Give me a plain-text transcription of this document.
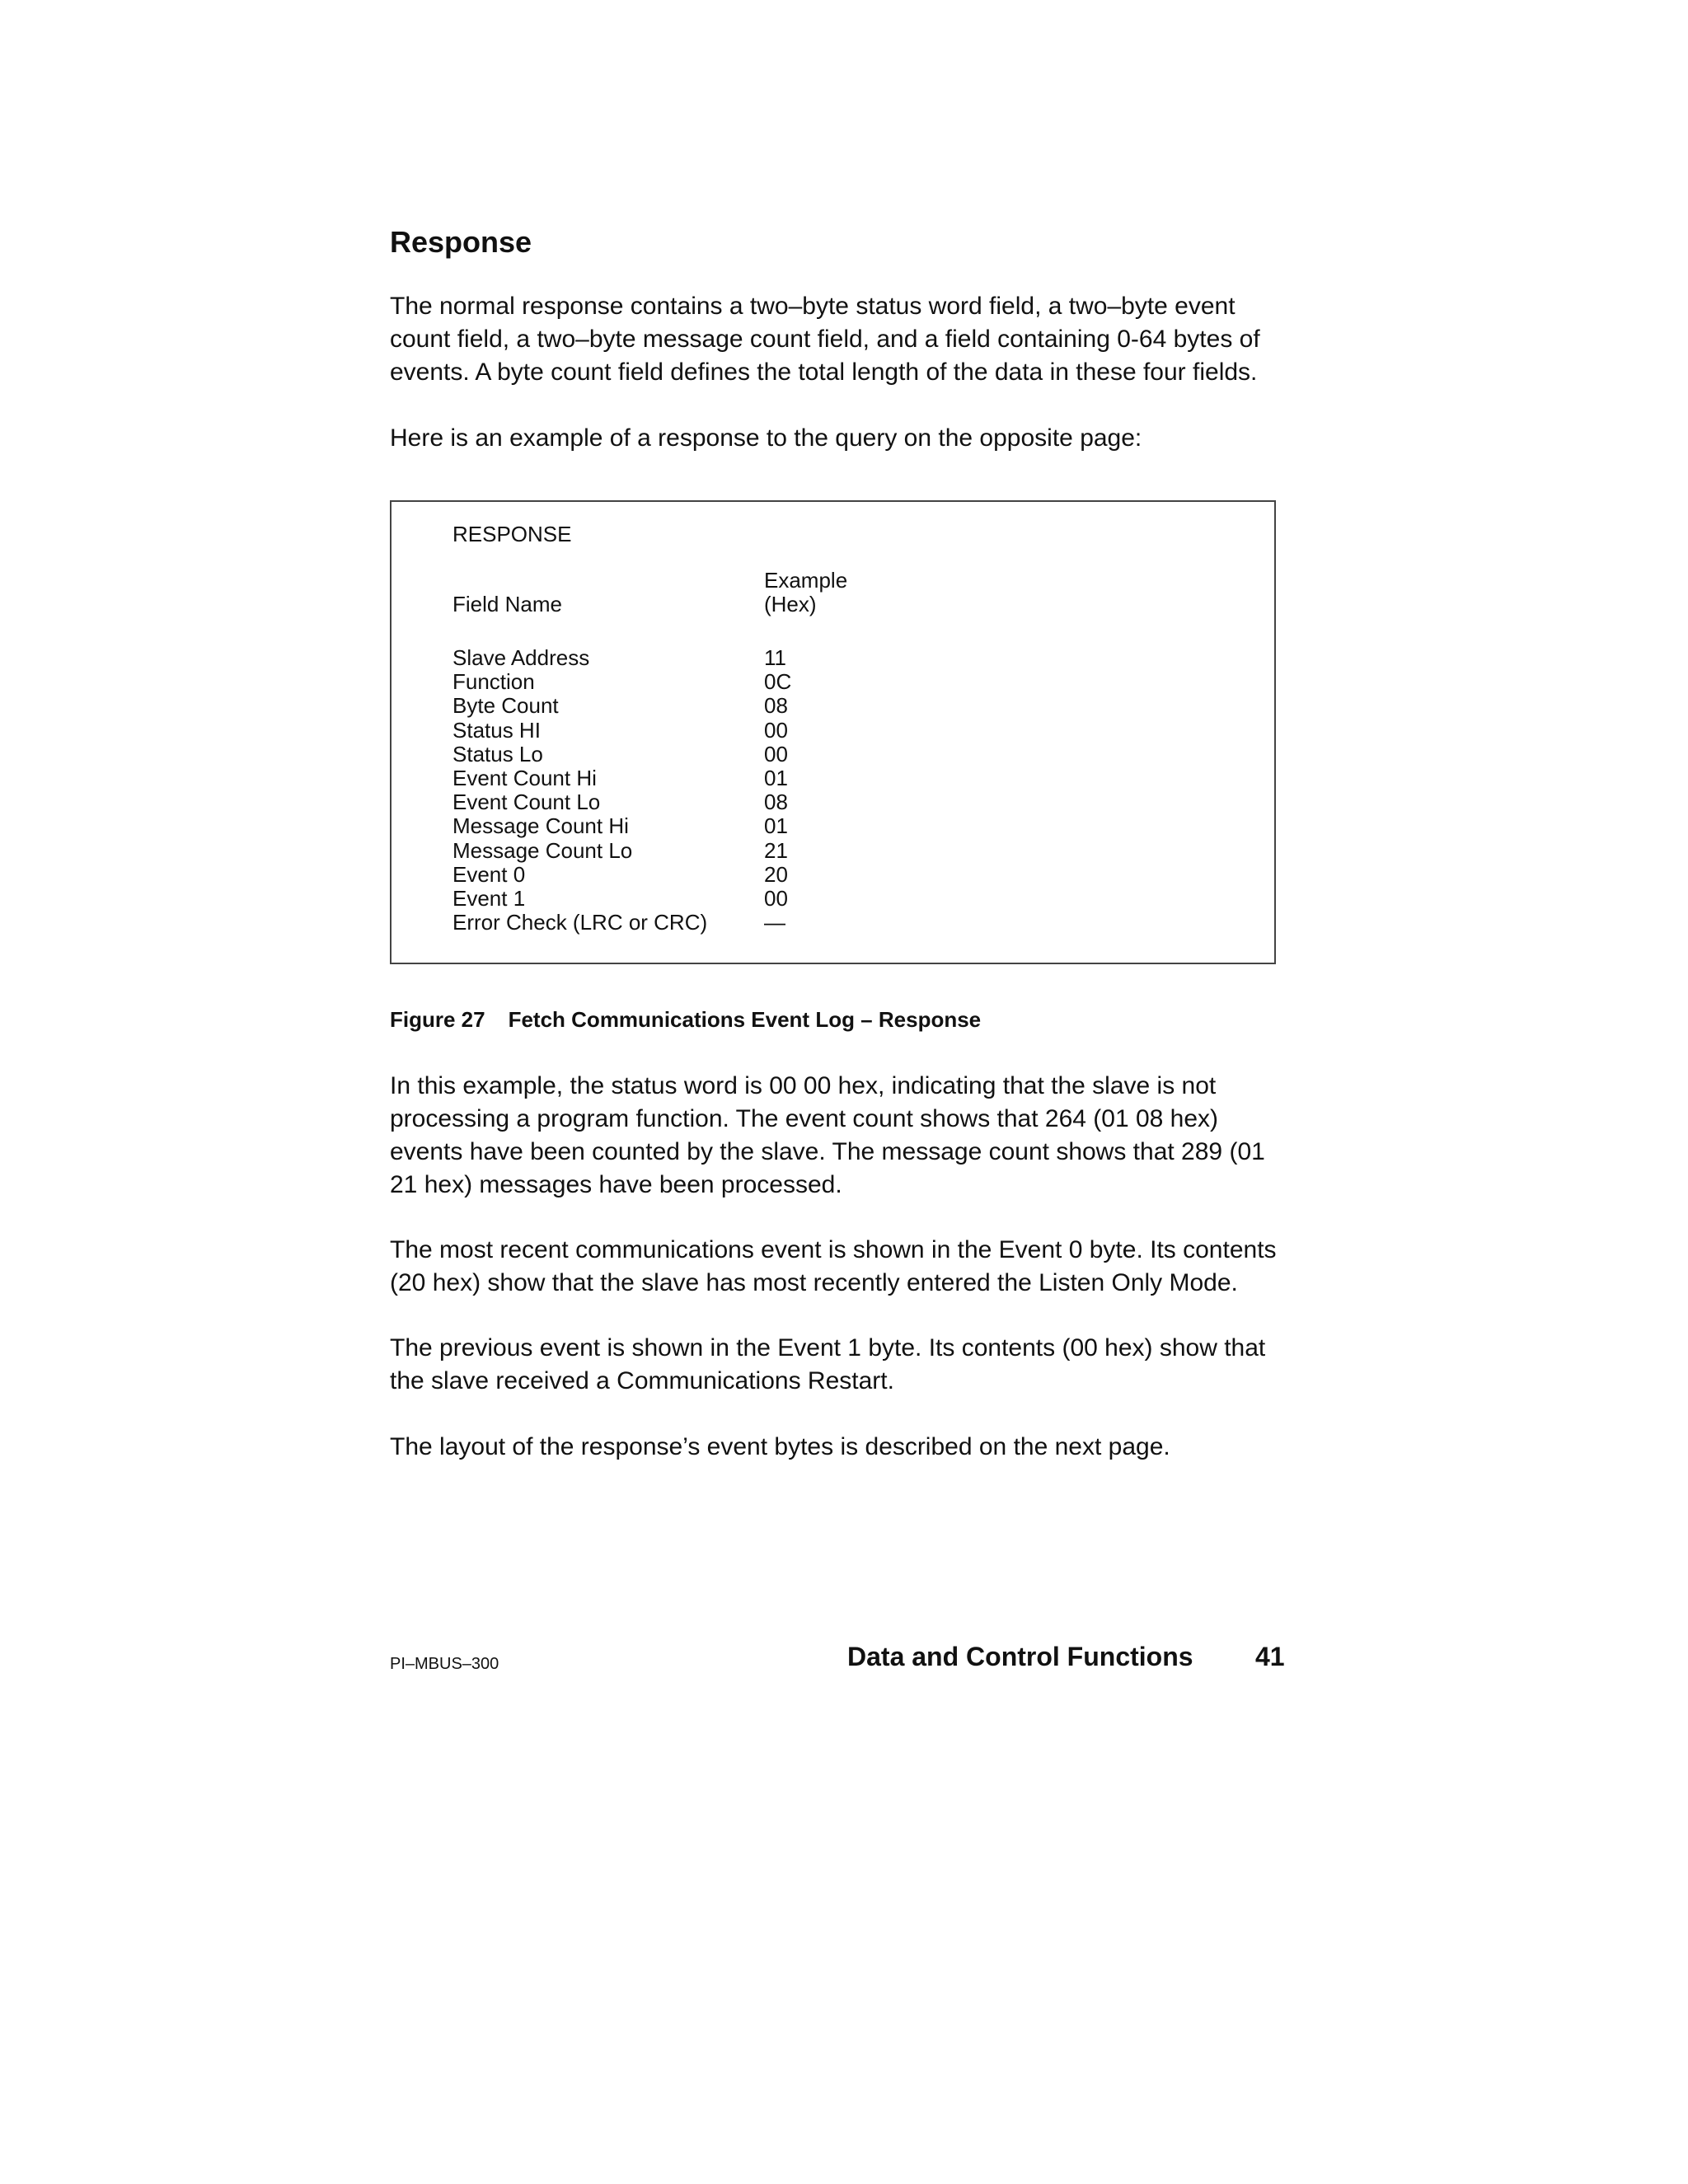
Response

The normal response contains a two–byte status word field, a two–byte event count field, a two–byte message count field, and a field containing 0-64 bytes of events. A byte count field defines the total length of the data in these four fields.

Here is an example of a response to the query on the opposite page:

RESPONSE

Example

Field Name	(Hex)

Slave Address	11
Function	0C
Byte Count	08
Status HI	00
Status Lo	00
Event Count Hi	01
Event Count Lo	08
Message Count Hi	01
Message Count Lo	21
Event 0	20
Event 1	00
Error Check (LRC or CRC)	—

Figure 27 Fetch Communications Event Log – Response

In this example, the status word is 00 00 hex, indicating that the slave is not processing a program function. The event count shows that 264 (01 08 hex) events have been counted by the slave. The message count shows that 289 (01 21 hex) messages have been processed.

The most recent communications event is shown in the Event 0 byte. Its contents (20 hex) show that the slave has most recently entered the Listen Only Mode.

The previous event is shown in the Event 1 byte. Its contents (00 hex) show that the slave received a Communications Restart.

The layout of the response’s event bytes is described on the next page.

PI–MBUS–300	Data and Control Functions 41
